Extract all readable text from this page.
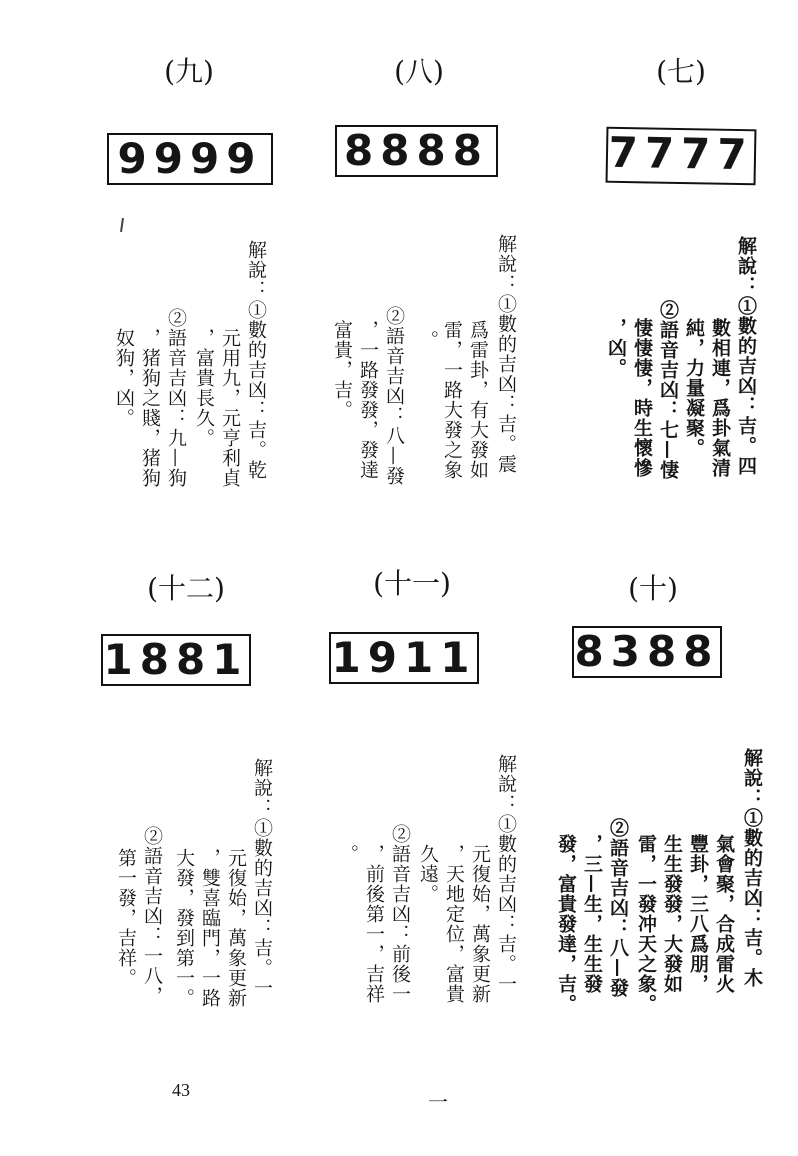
(九)	(八)	(七)
9999 8888	7777
解說：①數的吉凶：吉。乾
元用九，元亨利貞
，富貴長久。
②語音吉凶：九—狗
，猪狗之賤，猪狗
奴狗，凶。	解說：①數的吉凶：吉。震
爲雷卦，有大發如
雷，一路大發之象
。
②語音吉凶：八—發
，一路發發，發達
富貴，吉。	解說：①數的吉凶：吉。四
數相連，爲卦氣清
純，力量凝聚。
②語音吉凶：七—悽
悽悽悽，時生懷慘
，凶。
(十二)	(十一)	(十)
1881 1911 8388
解說：①數的吉凶：吉。一
元復始，萬象更新
，雙喜臨門，一路
大發，發到第一。
②語音吉凶：一八，
第一發，吉祥。	解說：①數的吉凶：吉。一
元復始，萬象更新
，天地定位，富貴
久遠。
②語音吉凶：前後一
，前後第一，吉祥
。	解說：①數的吉凶：吉。木
氣會聚，合成雷火
豐卦，三八爲朋，
生生發發，大發如
雷，一發冲天之象。
②語音吉凶：八—發
，三—生，生生發
發，富貴發達，吉。
43	一
